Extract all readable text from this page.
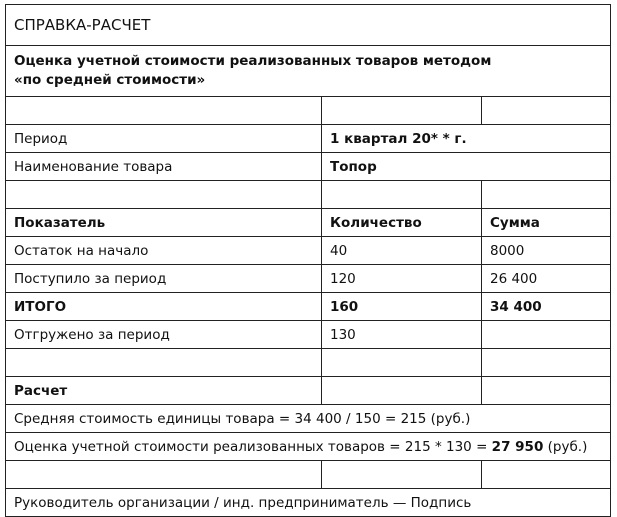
СПРАВКА-РАСЧЕТ		
Оценка учетной стоимости реализованных товаров методом
«по средней стоимости»		

Период	1 квартал 20* * г.	
Наименование товара	Топор	

Показатель	Количество	Сумма
Остаток на начало	40	8000
Поступило за период	120	26 400
ИТОГО	160	34 400
Отгружено за период	130	

Расчет		
Средняя стоимость единицы товара = 34 400 / 150 = 215 (руб.)		
Оценка учетной стоимости реализованных товаров = 215 * 130 = 27 950 (руб.)		

Руководитель организации / инд. предприниматель — Подпись		
